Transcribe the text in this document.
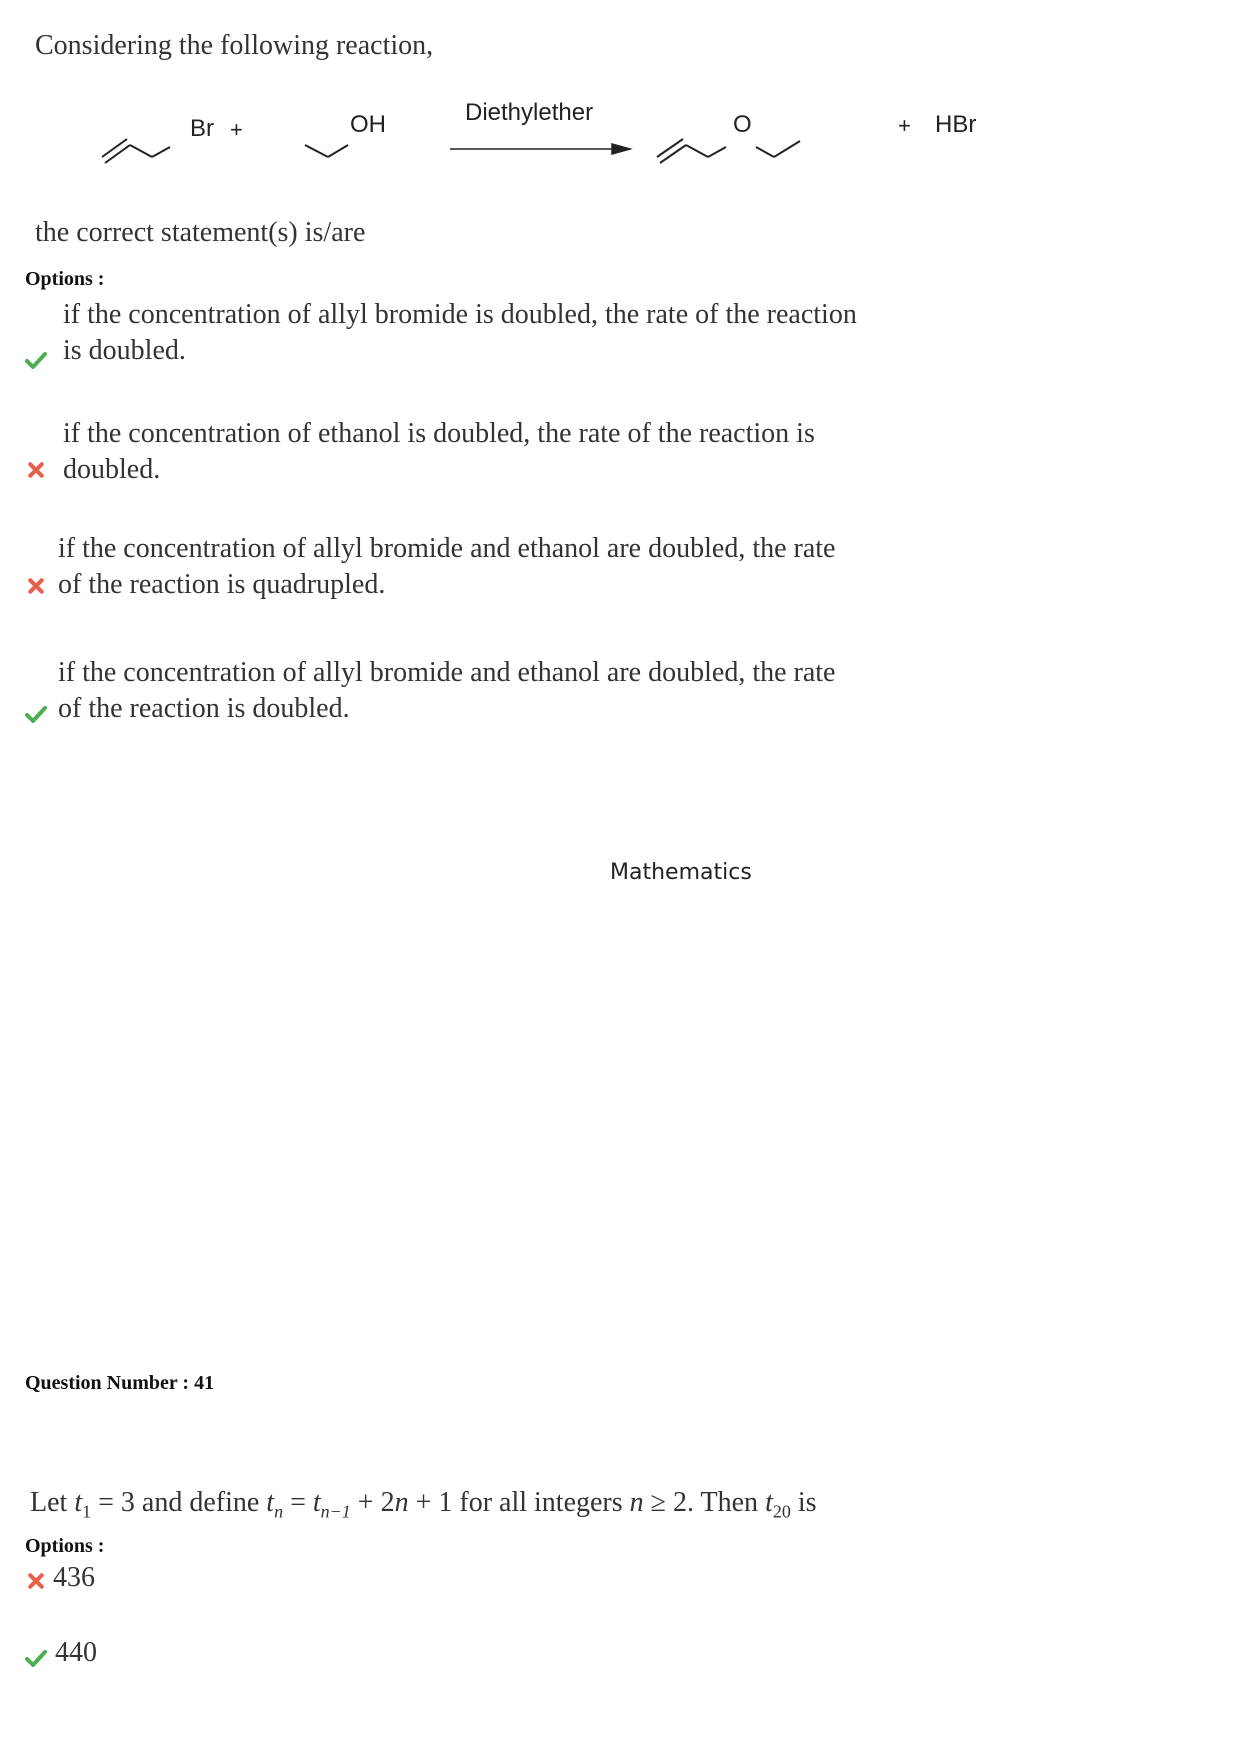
Considering the following reaction,
Br +	OH	Diethylether	O	+ HBr
the correct statement(s) is/are
Options :
if the concentration of allyl bromide is doubled, the rate of the reaction
is doubled.
if the concentration of ethanol is doubled, the rate of the reaction is
doubled.
if the concentration of allyl bromide and ethanol are doubled, the rate
of the reaction is quadrupled.
if the concentration of allyl bromide and ethanol are doubled, the rate
of the reaction is doubled.
Mathematics
Question Number : 41
Let $t_1 = 3$ and define $t_n = t_{n-1} + 2n + 1$ for all integers n ≥ 2. Then $t_{20}$ is
Options :
436
440
